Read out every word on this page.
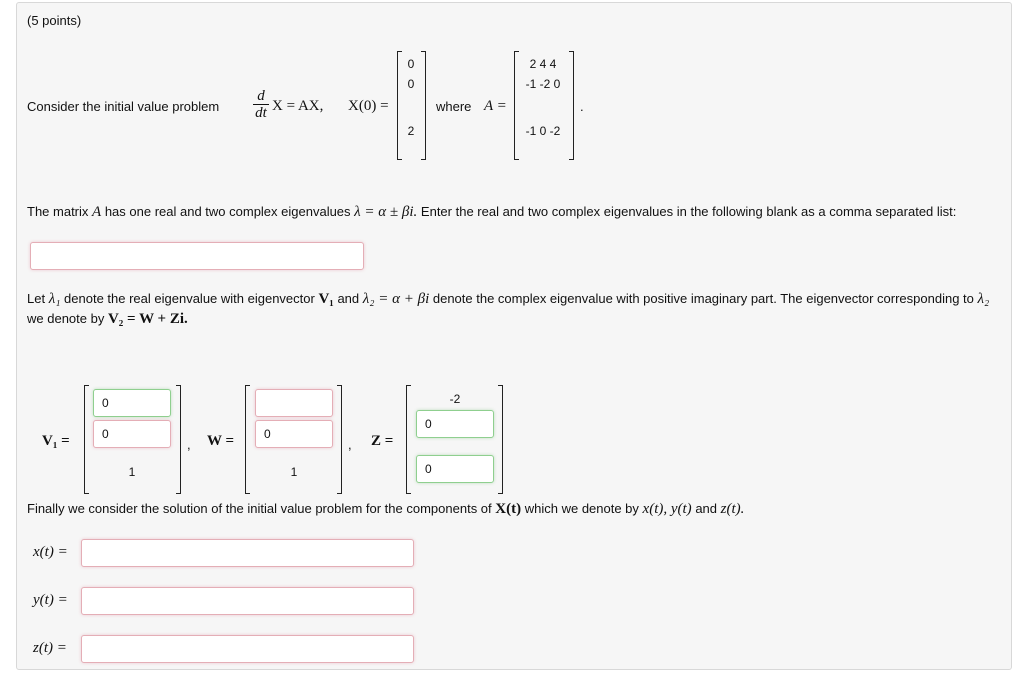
(5 points)
Consider the initial value problem
d
dt X = AX, X(0) =
0
0
2
where A =
2 4 4
-1 -2 0
-1 0 -2
.

The matrix A has one real and two complex eigenvalues λ = α ± βi. Enter the real and two complex eigenvalues in the following blank as a comma separated list:

Let λ₁ denote the real eigenvalue with eigenvector V₁ and λ₂ = α + βi denote the complex eigenvalue with positive imaginary part. The eigenvector corresponding to λ₂ we denote by V₂ = W + Zi.

V₁ =
0
0
1
, W =
0
1
, Z =
-2
0
0

Finally we consider the solution of the initial value problem for the components of X(t) which we denote by x(t), y(t) and z(t).

x(t) =
y(t) =
z(t) =
